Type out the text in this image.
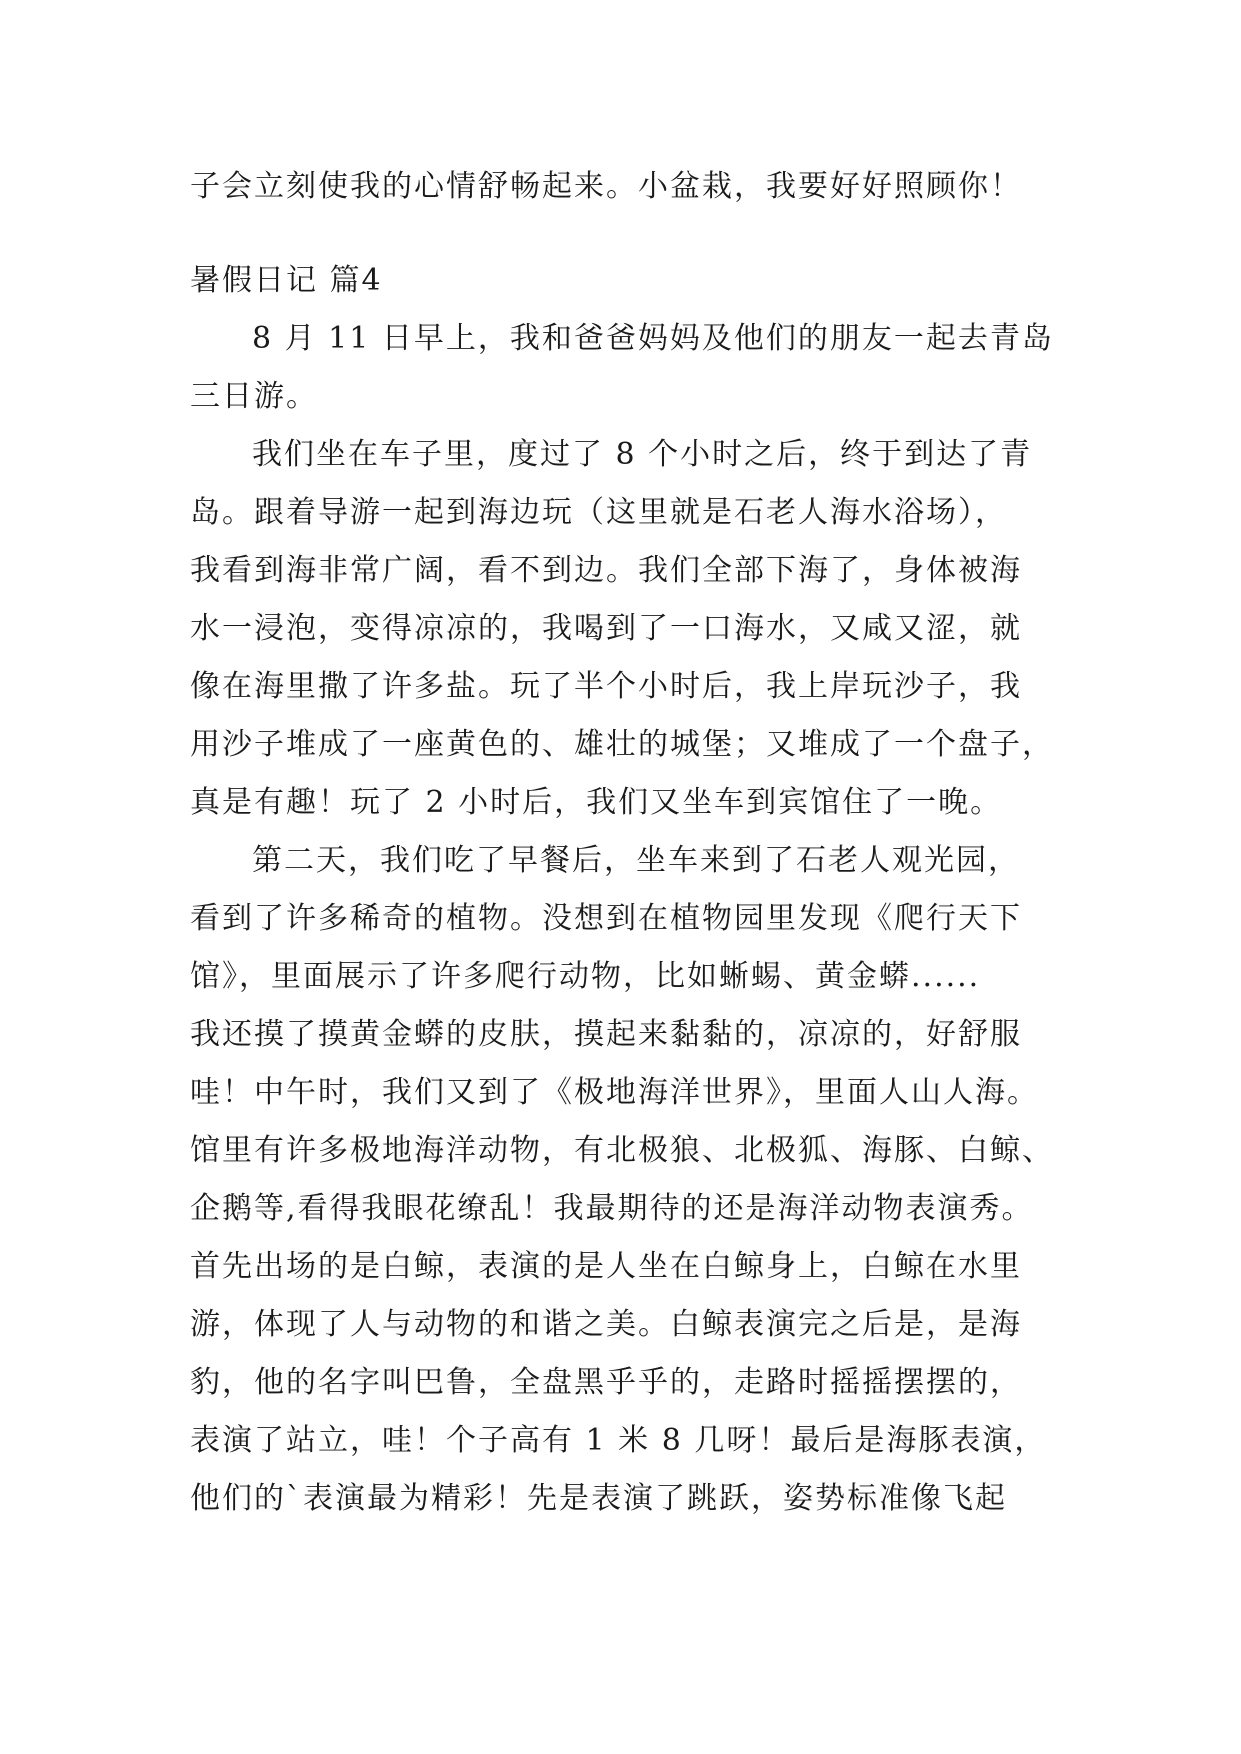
子会立刻使我的心情舒畅起来。小盆栽，我要好好照顾你！
暑假日记 篇4
8 月 11 日早上，我和爸爸妈妈及他们的朋友一起去青岛
三日游。
我们坐在车子里，度过了 8 个小时之后，终于到达了青
岛。跟着导游一起到海边玩（这里就是石老人海水浴场），
我看到海非常广阔，看不到边。我们全部下海了，身体被海
水一浸泡，变得凉凉的，我喝到了一口海水，又咸又涩，就
像在海里撒了许多盐。玩了半个小时后，我上岸玩沙子，我
用沙子堆成了一座黄色的、雄壮的城堡；又堆成了一个盘子，
真是有趣！玩了 2 小时后，我们又坐车到宾馆住了一晚。
第二天，我们吃了早餐后，坐车来到了石老人观光园，
看到了许多稀奇的植物。没想到在植物园里发现《爬行天下
馆》，里面展示了许多爬行动物，比如蜥蜴、黄金蟒......
我还摸了摸黄金蟒的皮肤，摸起来黏黏的，凉凉的，好舒服
哇！中午时，我们又到了《极地海洋世界》，里面人山人海。
馆里有许多极地海洋动物，有北极狼、北极狐、海豚、白鲸、
企鹅等,看得我眼花缭乱！我最期待的还是海洋动物表演秀。
首先出场的是白鲸，表演的是人坐在白鲸身上，白鲸在水里
游，体现了人与动物的和谐之美。白鲸表演完之后是，是海
豹，他的名字叫巴鲁，全盘黑乎乎的，走路时摇摇摆摆的，
表演了站立，哇！个子高有 1 米 8 几呀！最后是海豚表演，
他们的`表演最为精彩！先是表演了跳跃，姿势标准像飞起
